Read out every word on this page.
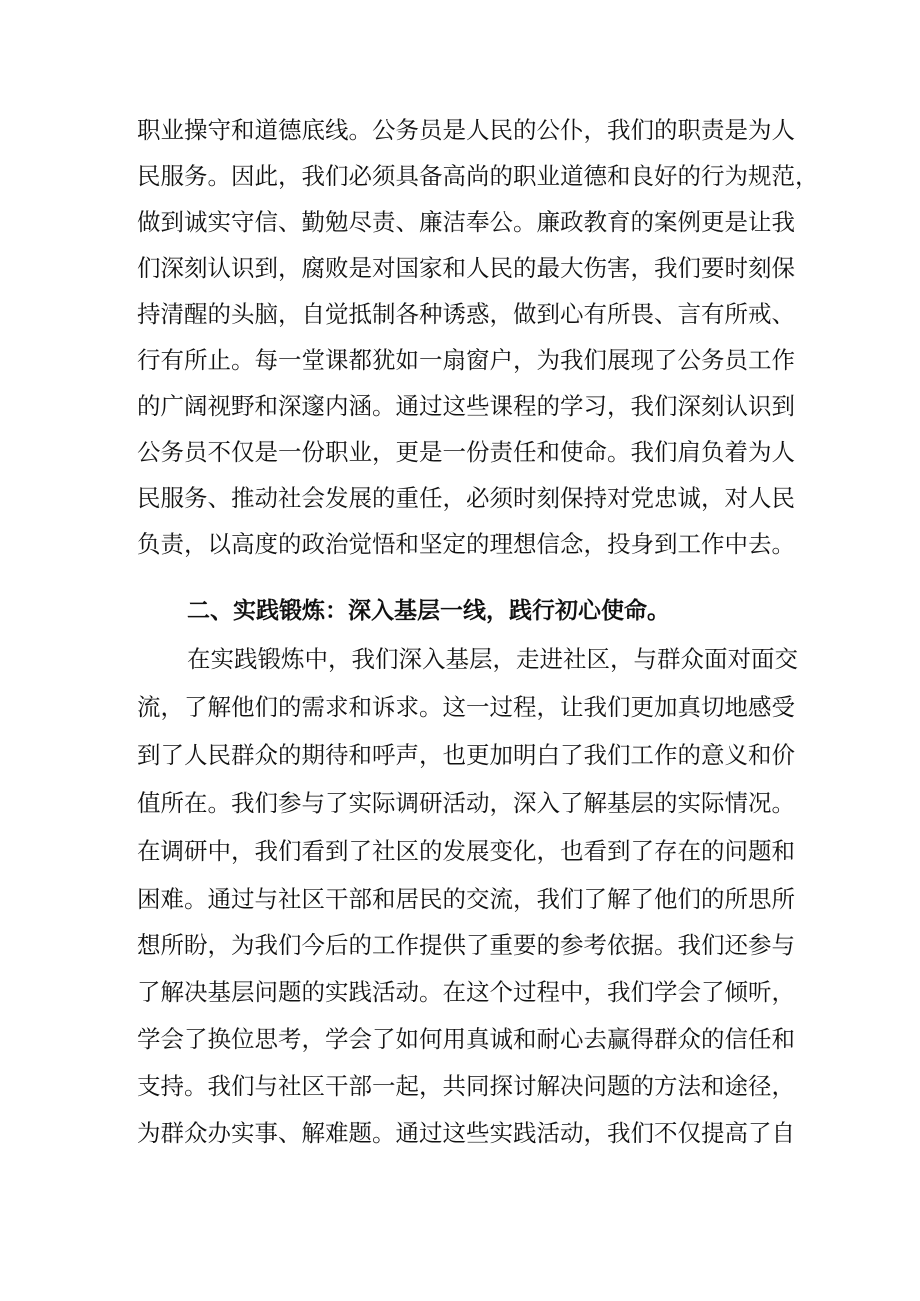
职业操守和道德底线。公务员是人民的公仆，我们的职责是为人
民服务。因此，我们必须具备高尚的职业道德和良好的行为规范，
做到诚实守信、勤勉尽责、廉洁奉公。廉政教育的案例更是让我
们深刻认识到，腐败是对国家和人民的最大伤害，我们要时刻保
持清醒的头脑，自觉抵制各种诱惑，做到心有所畏、言有所戒、
行有所止。每一堂课都犹如一扇窗户，为我们展现了公务员工作
的广阔视野和深邃内涵。通过这些课程的学习，我们深刻认识到
公务员不仅是一份职业，更是一份责任和使命。我们肩负着为人
民服务、推动社会发展的重任，必须时刻保持对党忠诚，对人民
负责，以高度的政治觉悟和坚定的理想信念，投身到工作中去。
二、实践锻炼：深入基层一线，践行初心使命。
在实践锻炼中，我们深入基层，走进社区，与群众面对面交
流，了解他们的需求和诉求。这一过程，让我们更加真切地感受
到了人民群众的期待和呼声，也更加明白了我们工作的意义和价
值所在。我们参与了实际调研活动，深入了解基层的实际情况。
在调研中，我们看到了社区的发展变化，也看到了存在的问题和
困难。通过与社区干部和居民的交流，我们了解了他们的所思所
想所盼，为我们今后的工作提供了重要的参考依据。我们还参与
了解决基层问题的实践活动。在这个过程中，我们学会了倾听，
学会了换位思考，学会了如何用真诚和耐心去赢得群众的信任和
支持。我们与社区干部一起，共同探讨解决问题的方法和途径，
为群众办实事、解难题。通过这些实践活动，我们不仅提高了自
